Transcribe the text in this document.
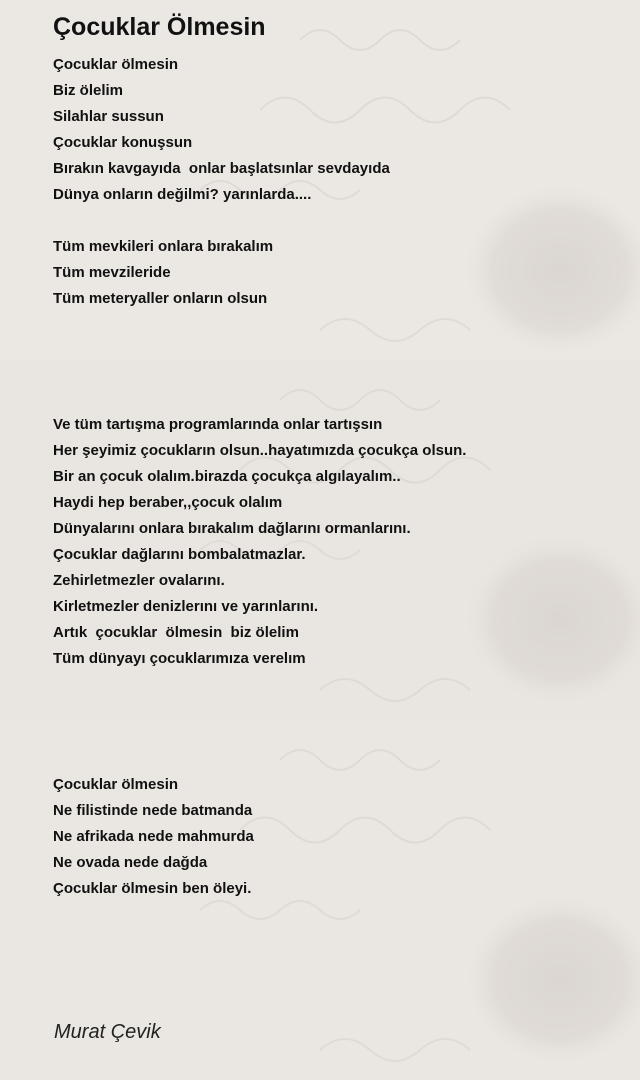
Çocuklar Ölmesin
Çocuklar ölmesin
Biz ölelim
Silahlar sussun
Çocuklar konuşsun
Bırakın kavgayıda  onlar başlatsınlar sevdayıda
Dünya onların değilmi? yarınlarda....
Tüm mevkileri onlara bırakalım
Tüm mevzileride
Tüm meteryaller onların olsun
Ve tüm tartışma programlarında onlar tartışsın
Her şeyimiz çocukların olsun..hayatımızda çocukça olsun.
Bir an çocuk olalım.birazda çocukça algılayalım..
Haydi hep beraber,,çocuk olalım
Dünyalarını onlara bırakalım dağlarını ormanlarını.
Çocuklar dağlarını bombalatmazlar.
Zehirletmezler ovalarını.
Kirletmezler denizlerını ve yarınlarını.
Artık  çocuklar  ölmesin  biz ölelim
Tüm dünyayı çocuklarımıza verelım
Çocuklar ölmesin
Ne filistinde nede batmanda
Ne afrikada nede mahmurda
Ne ovada nede dağda
Çocuklar ölmesin ben öleyi.
Murat Çevik
